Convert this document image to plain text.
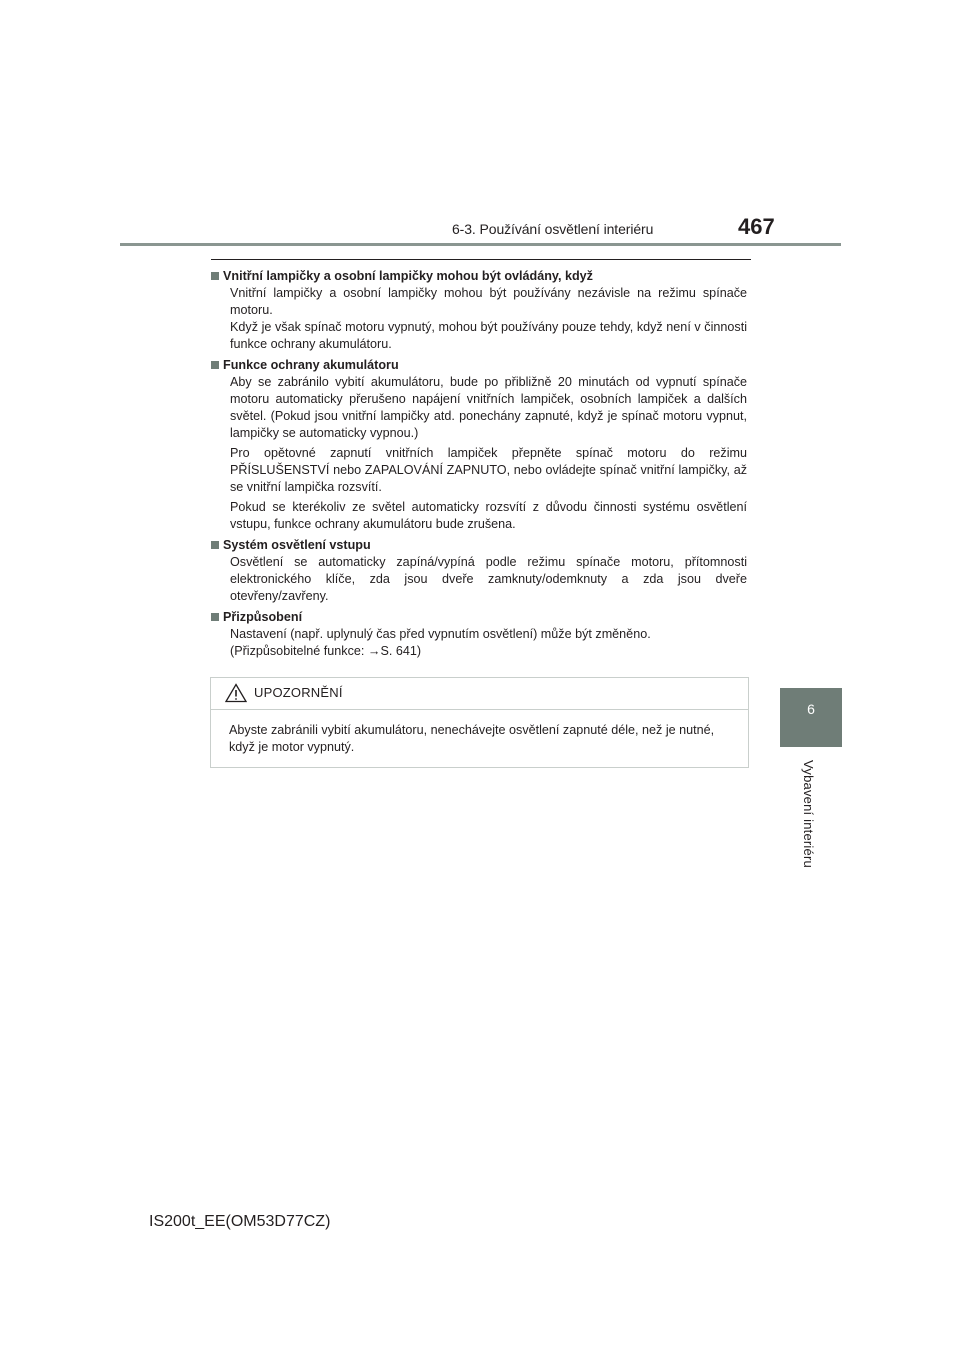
6-3. Používání osvětlení interiéru	467
6
Vybavení interiéru
Vnitřní lampičky a osobní lampičky mohou být ovládány, když

Vnitřní lampičky a osobní lampičky mohou být používány nezávisle na režimu spínače motoru.
Když je však spínač motoru vypnutý, mohou být používány pouze tehdy, když není v činnosti funkce ochrany akumulátoru.

Funkce ochrany akumulátoru

Aby se zabránilo vybití akumulátoru, bude po přibližně 20 minutách od vypnutí spínače motoru automaticky přerušeno napájení vnitřních lampiček, osobních lampiček a dalších světel. (Pokud jsou vnitřní lampičky atd. ponechány zapnuté, když je spínač motoru vypnut, lampičky se automaticky vypnou.)

Pro opětovné zapnutí vnitřních lampiček přepněte spínač motoru do režimu PŘÍSLUŠENSTVÍ nebo ZAPALOVÁNÍ ZAPNUTO, nebo ovládejte spínač vnitřní lampičky, až se vnitřní lampička rozsvítí.

Pokud se kterékoliv ze světel automaticky rozsvítí z důvodu činnosti systému osvětlení vstupu, funkce ochrany akumulátoru bude zrušena.

Systém osvětlení vstupu

Osvětlení se automaticky zapíná/vypíná podle režimu spínače motoru, přítomnosti elektronického klíče, zda jsou dveře zamknuty/odemknuty a zda jsou dveře otevřeny/zavřeny.

Přizpůsobení

Nastavení (např. uplynulý čas před vypnutím osvětlení) může být změněno.
(Přizpůsobitelné funkce: →S. 641)

UPOZORNĚNÍ
Abyste zabránili vybití akumulátoru, nenechávejte osvětlení zapnuté déle, než je nutné, když je motor vypnutý.
IS200t_EE(OM53D77CZ)
